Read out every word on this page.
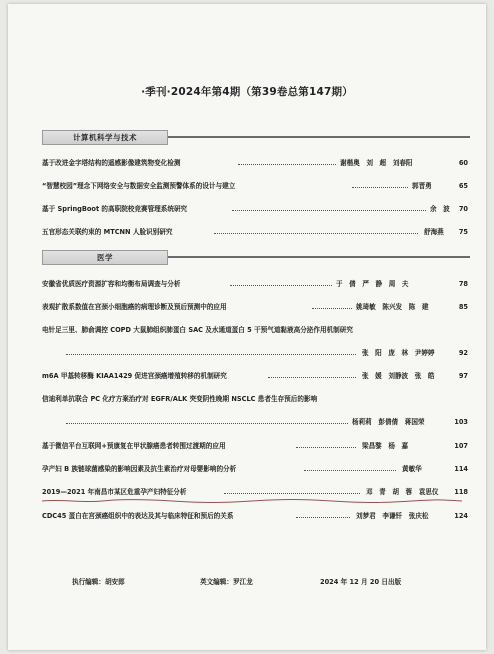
·季刊·2024年第4期（第39卷总第147期）
计算机科学与技术
基于改进金字塔结构的遥感影像建筑物变化检测	谢楷奥　刘　超　刘春阳	60
“智慧校园”理念下网络安全与数据安全监测预警体系的设计与建立	郭晋勇	65
基于 SpringBoot 的高职院校竞赛管理系统研究	余　波 70
五官形态关联约束的 MTCNN 人脸识别研究	舒海燕 75
医学
安徽省优质医疗资源扩容和均衡布局调查与分析	于　倩　严　静　周　夫	78
表观扩散系数值在宫颈小细胞癌的病理诊断及预后预测中的应用	姚琦敏　陈兴发　陈　建	85
电针足三里、肺俞调控 COPD 大鼠肺组织肺蛋白 SAC 及水通道蛋白 5 干预气道黏液高分泌作用机制研究
张　阳　庞　林　尹婷婷	92
m6A 甲基转移酶 KIAA1429 促进宫颈癌增殖转移的机制研究	张　媛　刘静波　张　皓	97
信迪利单抗联合 PC 化疗方案治疗对 EGFR/ALK 突变阴性晚期 NSCLC 患者生存预后的影响
杨莉莉　彭倩倩　蒋国荣	103
基于微信平台互联网+预康复在甲状腺癌患者转围过渡期的应用	梁昌黎　杨　嘉	107
孕产妇 B 族链球菌感染的影响因素及抗生素治疗对母婴影响的分析	黄敏华	114
2019—2021 年南昌市某区危重孕产妇特征分析	邓　青　胡　蓉　袁思仪 118
CDC45 蛋白在宫颈癌组织中的表达及其与临床特征和预后的关系	刘梦君　李谦钎　张庆松	124
执行编辑：胡安郎	英文编辑：罗江龙	2024 年 12 月 20 日出版
